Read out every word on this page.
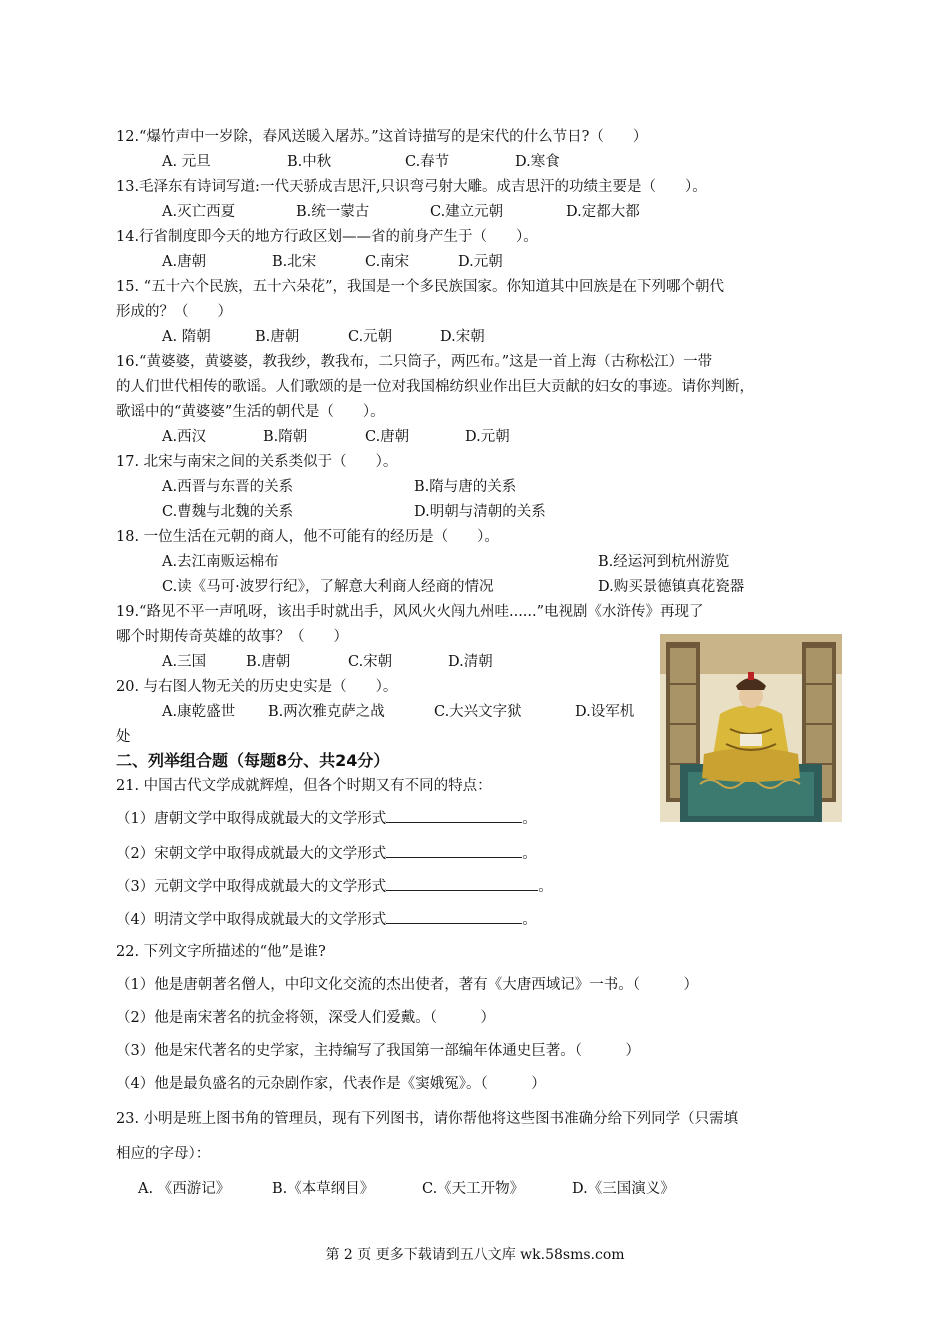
12.“爆竹声中一岁除，春风送暖入屠苏。”这首诗描写的是宋代的什么节日?（　　）
A. 元旦	B.中秋	C.春节	D.寒食
13.毛泽东有诗词写道:一代天骄成吉思汗,只识弯弓射大雕。成吉思汗的功绩主要是（　　）。
A.灭亡西夏	B.统一蒙古	C.建立元朝	D.定都大都
14.行省制度即今天的地方行政区划——省的前身产生于（　　）。
A.唐朝	B.北宋	C.南宋	D.元朝
15. “五十六个民族，五十六朵花”，我国是一个多民族国家。你知道其中回族是在下列哪个朝代
形成的？（　　）
A. 隋朝	B.唐朝	C.元朝	D.宋朝
16.“黄婆婆，黄婆婆，教我纱，教我布，二只筒子，两匹布。”这是一首上海（古称松江）一带
的人们世代相传的歌谣。人们歌颂的是一位对我国棉纺织业作出巨大贡献的妇女的事迹。请你判断，
歌谣中的“黄婆婆”生活的朝代是（　　）。
A.西汉	B.隋朝	C.唐朝	D.元朝
17. 北宋与南宋之间的关系类似于（　　）。
A.西晋与东晋的关系	B.隋与唐的关系
C.曹魏与北魏的关系	D.明朝与清朝的关系
18. 一位生活在元朝的商人，他不可能有的经历是（　　）。
A.去江南贩运棉布	B.经运河到杭州游览
C.读《马可·波罗行纪》，了解意大利商人经商的情况	D.购买景德镇真花瓷器
19.“路见不平一声吼呀，该出手时就出手，风风火火闯九州哇......”电视剧《水浒传》再现了
哪个时期传奇英雄的故事？（　　）
A.三国	B.唐朝	C.宋朝	D.清朝
20. 与右图人物无关的历史史实是（　　）。
A.康乾盛世 B.两次雅克萨之战	C.大兴文字狱	D.设军机
处
二、列举组合题（每题8分、共24分）
21. 中国古代文学成就辉煌，但各个时期又有不同的特点：
（1）唐朝文学中取得成就最大的文学形式	。
（2）宋朝文学中取得成就最大的文学形式	。
（3）元朝文学中取得成就最大的文学形式	。
（4）明清文学中取得成就最大的文学形式	。
22. 下列文字所描述的“他”是谁?
（1）他是唐朝著名僧人，中印文化交流的杰出使者，著有《大唐西域记》一书。（　　　）
（2）他是南宋著名的抗金将领，深受人们爱戴。（　　　）
（3）他是宋代著名的史学家，主持编写了我国第一部编年体通史巨著。（　　　）
（4）他是最负盛名的元杂剧作家，代表作是《窦娥冤》。（　　　）
23. 小明是班上图书角的管理员，现有下列图书，请你帮他将这些图书准确分给下列同学（只需填
相应的字母）：
A. 《西游记》	B.《本草纲目》	C.《天工开物》	D.《三国演义》
第 2 页 更多下载请到五八文库 wk.58sms.com
